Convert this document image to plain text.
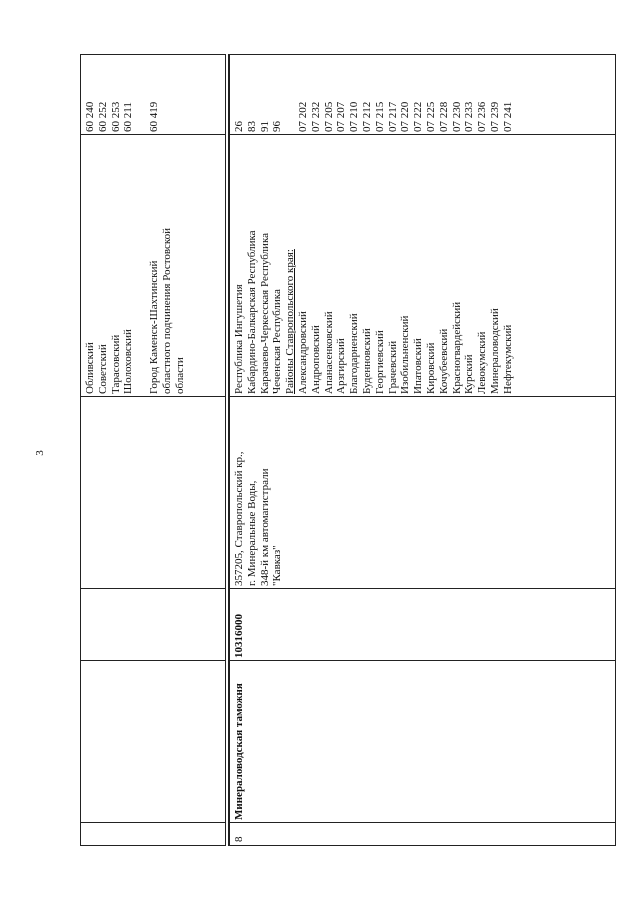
3
Обливский Советский Тарасовский Шолоховский Город Каменск-Шахтинский областного подчинения Ростовской области
60 240 60 252 60 253 60 211 60 419
8
Минераловодская таможня
10316000
357205, Ставропольский кр., г. Минеральные Воды, 348-й км автомагистрали "Кавказ"
Республика Ингушетия Кабардино-Балкарская Республика Карачаево-Черкесская Республика Чеченская Республика Районы Ставропольского края: Александровский Андроповский Апанасенковский Арзгирский Благодарненский Буденновский Георгиевский Грачевский Изобильненский Ипатовский Кировский Кочубеевский Красногвардейский Курский Левокумский Минераловодский Нефтекумский
26 83 91 96 07 202 07 232 07 205 07 207 07 210 07 212 07 215 07 217 07 220 07 222 07 225 07 228 07 230 07 233 07 236 07 239 07 241
